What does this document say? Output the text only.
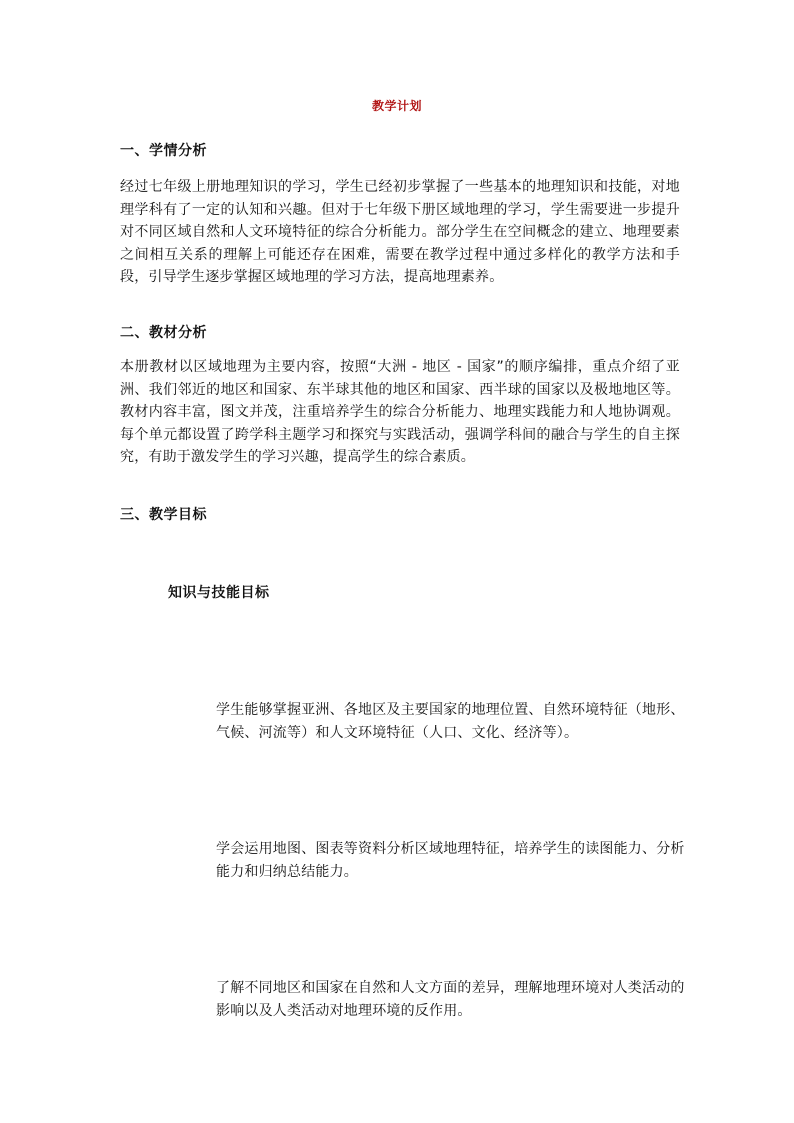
教学计划
一、学情分析
经过七年级上册地理知识的学习，学生已经初步掌握了一些基本的地理知识和技能，对地理学科有了一定的认知和兴趣。但对于七年级下册区域地理的学习，学生需要进一步提升对不同区域自然和人文环境特征的综合分析能力。部分学生在空间概念的建立、地理要素之间相互关系的理解上可能还存在困难，需要在教学过程中通过多样化的教学方法和手段，引导学生逐步掌握区域地理的学习方法，提高地理素养。
二、教材分析
本册教材以区域地理为主要内容，按照“大洲 - 地区 - 国家”的顺序编排，重点介绍了亚洲、我们邻近的地区和国家、东半球其他的地区和国家、西半球的国家以及极地地区等。教材内容丰富，图文并茂，注重培养学生的综合分析能力、地理实践能力和人地协调观。每个单元都设置了跨学科主题学习和探究与实践活动，强调学科间的融合与学生的自主探究，有助于激发学生的学习兴趣，提高学生的综合素质。
三、教学目标
知识与技能目标
学生能够掌握亚洲、各地区及主要国家的地理位置、自然环境特征（地形、气候、河流等）和人文环境特征（人口、文化、经济等）。
学会运用地图、图表等资料分析区域地理特征，培养学生的读图能力、分析能力和归纳总结能力。
了解不同地区和国家在自然和人文方面的差异，理解地理环境对人类活动的影响以及人类活动对地理环境的反作用。
